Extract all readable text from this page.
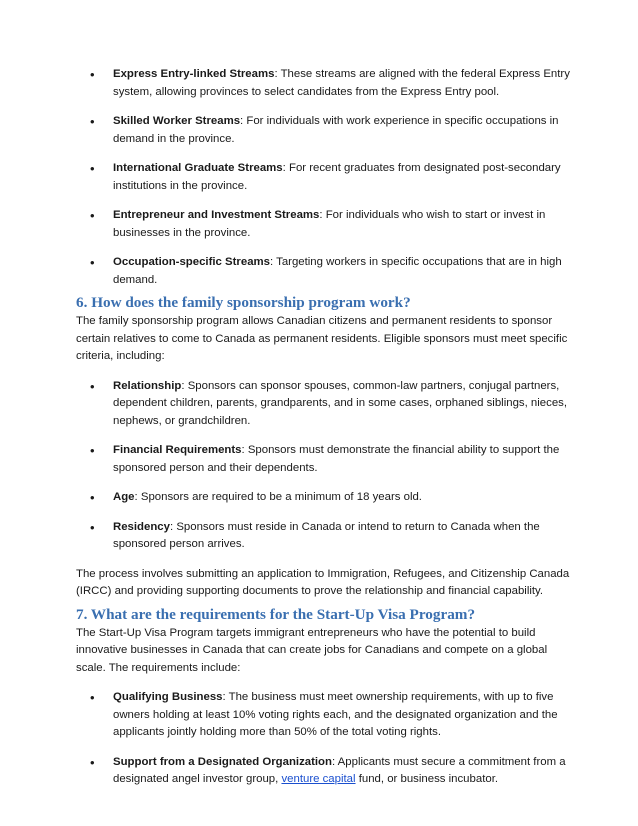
• Express Entry-linked Streams: These streams are aligned with the federal Express Entry system, allowing provinces to select candidates from the Express Entry pool.
• Skilled Worker Streams: For individuals with work experience in specific occupations in demand in the province.
• International Graduate Streams: For recent graduates from designated post-secondary institutions in the province.
• Entrepreneur and Investment Streams: For individuals who wish to start or invest in businesses in the province.
• Occupation-specific Streams: Targeting workers in specific occupations that are in high demand.
6. How does the family sponsorship program work?

The family sponsorship program allows Canadian citizens and permanent residents to sponsor certain relatives to come to Canada as permanent residents. Eligible sponsors must meet specific criteria, including:

• Relationship: Sponsors can sponsor spouses, common-law partners, conjugal partners, dependent children, parents, grandparents, and in some cases, orphaned siblings, nieces, nephews, or grandchildren.
• Financial Requirements: Sponsors must demonstrate the financial ability to support the sponsored person and their dependents.
• Age: Sponsors are required to be a minimum of 18 years old.
• Residency: Sponsors must reside in Canada or intend to return to Canada when the sponsored person arrives.

The process involves submitting an application to Immigration, Refugees, and Citizenship Canada (IRCC) and providing supporting documents to prove the relationship and financial capability.

7. What are the requirements for the Start-Up Visa Program?

The Start-Up Visa Program targets immigrant entrepreneurs who have the potential to build innovative businesses in Canada that can create jobs for Canadians and compete on a global scale. The requirements include:

• Qualifying Business: The business must meet ownership requirements, with up to five owners holding at least 10% voting rights each, and the designated organization and the applicants jointly holding more than 50% of the total voting rights.
• Support from a Designated Organization: Applicants must secure a commitment from a designated angel investor group, venture capital fund, or business incubator.
